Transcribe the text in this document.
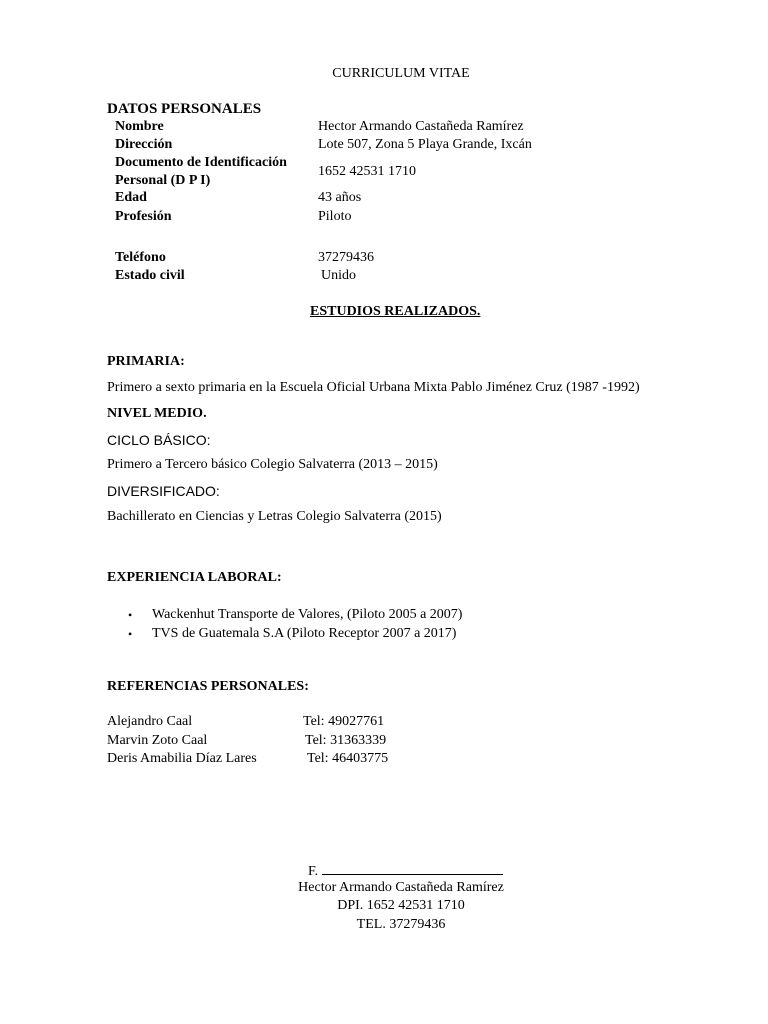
CURRICULUM VITAE
DATOS PERSONALES
Nombre	Hector Armando Castañeda Ramírez
Dirección	Lote 507, Zona 5 Playa Grande, Ixcán
Documento de Identificación
Personal (D P I)
1652 42531 1710
Edad	43 años
Profesión	Piloto
Teléfono	37279436
Estado civil	Unido
ESTUDIOS REALIZADOS.
PRIMARIA:
Primero a sexto primaria en la Escuela Oficial Urbana Mixta Pablo Jiménez Cruz (1987 -1992)
NIVEL MEDIO.
CICLO BÁSICO:
Primero a Tercero básico Colegio Salvaterra (2013 – 2015)
DIVERSIFICADO:
Bachillerato en Ciencias y Letras Colegio Salvaterra (2015)
EXPERIENCIA LABORAL:
• Wackenhut Transporte de Valores, (Piloto 2005 a 2007)
• TVS de Guatemala S.A (Piloto Receptor 2007 a 2017)
REFERENCIAS PERSONALES:
Alejandro Caal	Tel: 49027761
Marvin Zoto Caal	Tel: 31363339
Deris Amabilia Díaz Lares	Tel: 46403775
F.
Hector Armando Castañeda Ramírez
DPI. 1652 42531 1710
TEL. 37279436
